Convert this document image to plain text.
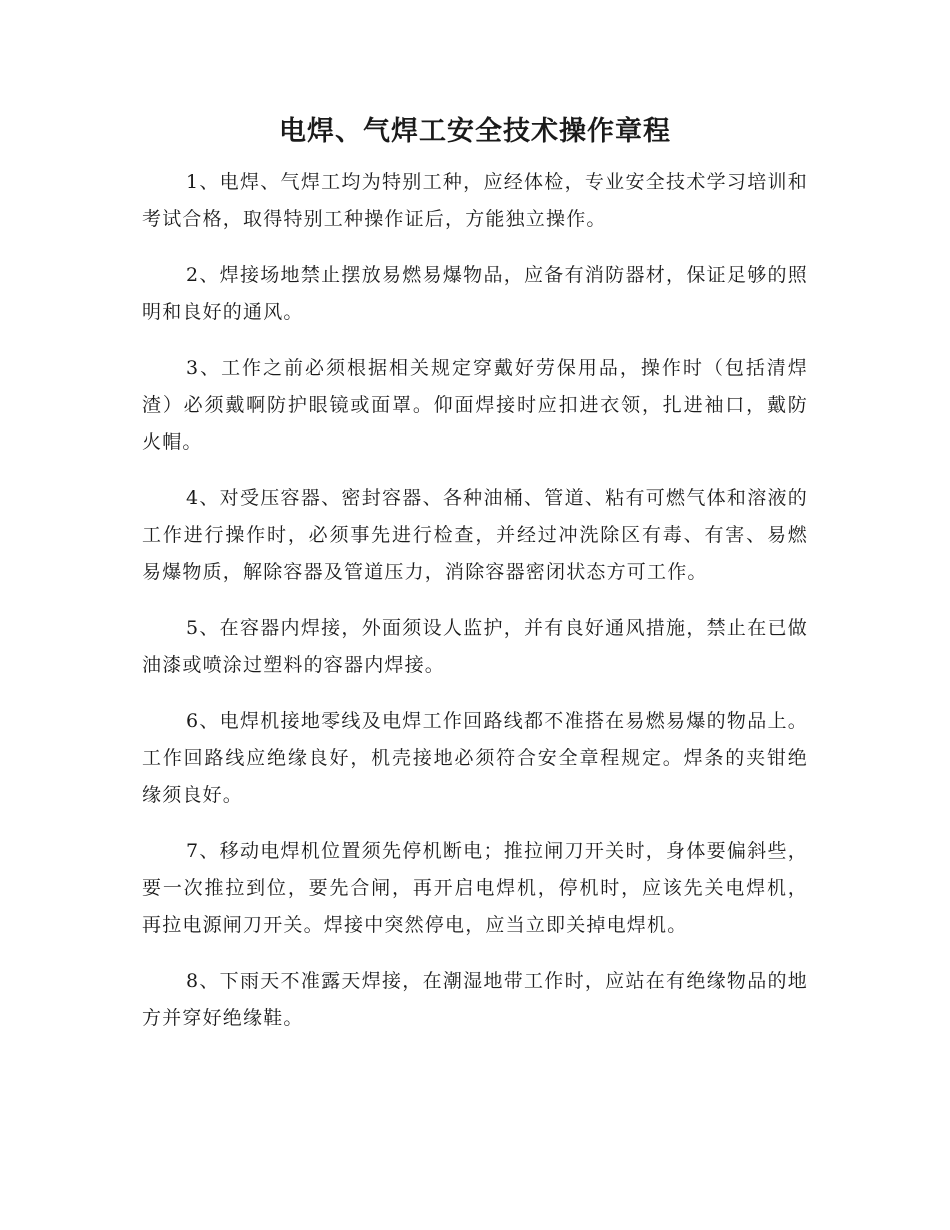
电焊、气焊工安全技术操作章程

1、电焊、气焊工均为特别工种，应经体检，专业安全技术学习培训和考试合格，取得特别工种操作证后，方能独立操作。

2、焊接场地禁止摆放易燃易爆物品，应备有消防器材，保证足够的照明和良好的通风。

3、工作之前必须根据相关规定穿戴好劳保用品，操作时（包括清焊渣）必须戴啊防护眼镜或面罩。仰面焊接时应扣进衣领，扎进袖口，戴防火帽。

4、对受压容器、密封容器、各种油桶、管道、粘有可燃气体和溶液的工作进行操作时，必须事先进行检查，并经过冲洗除区有毒、有害、易燃易爆物质，解除容器及管道压力，消除容器密闭状态方可工作。

5、在容器内焊接，外面须设人监护，并有良好通风措施，禁止在已做油漆或喷涂过塑料的容器内焊接。

6、电焊机接地零线及电焊工作回路线都不准搭在易燃易爆的物品上。工作回路线应绝缘良好，机壳接地必须符合安全章程规定。焊条的夹钳绝缘须良好。

7、移动电焊机位置须先停机断电；推拉闸刀开关时，身体要偏斜些，要一次推拉到位，要先合闸，再开启电焊机，停机时，应该先关电焊机，再拉电源闸刀开关。焊接中突然停电，应当立即关掉电焊机。

8、下雨天不准露天焊接，在潮湿地带工作时，应站在有绝缘物品的地方并穿好绝缘鞋。
